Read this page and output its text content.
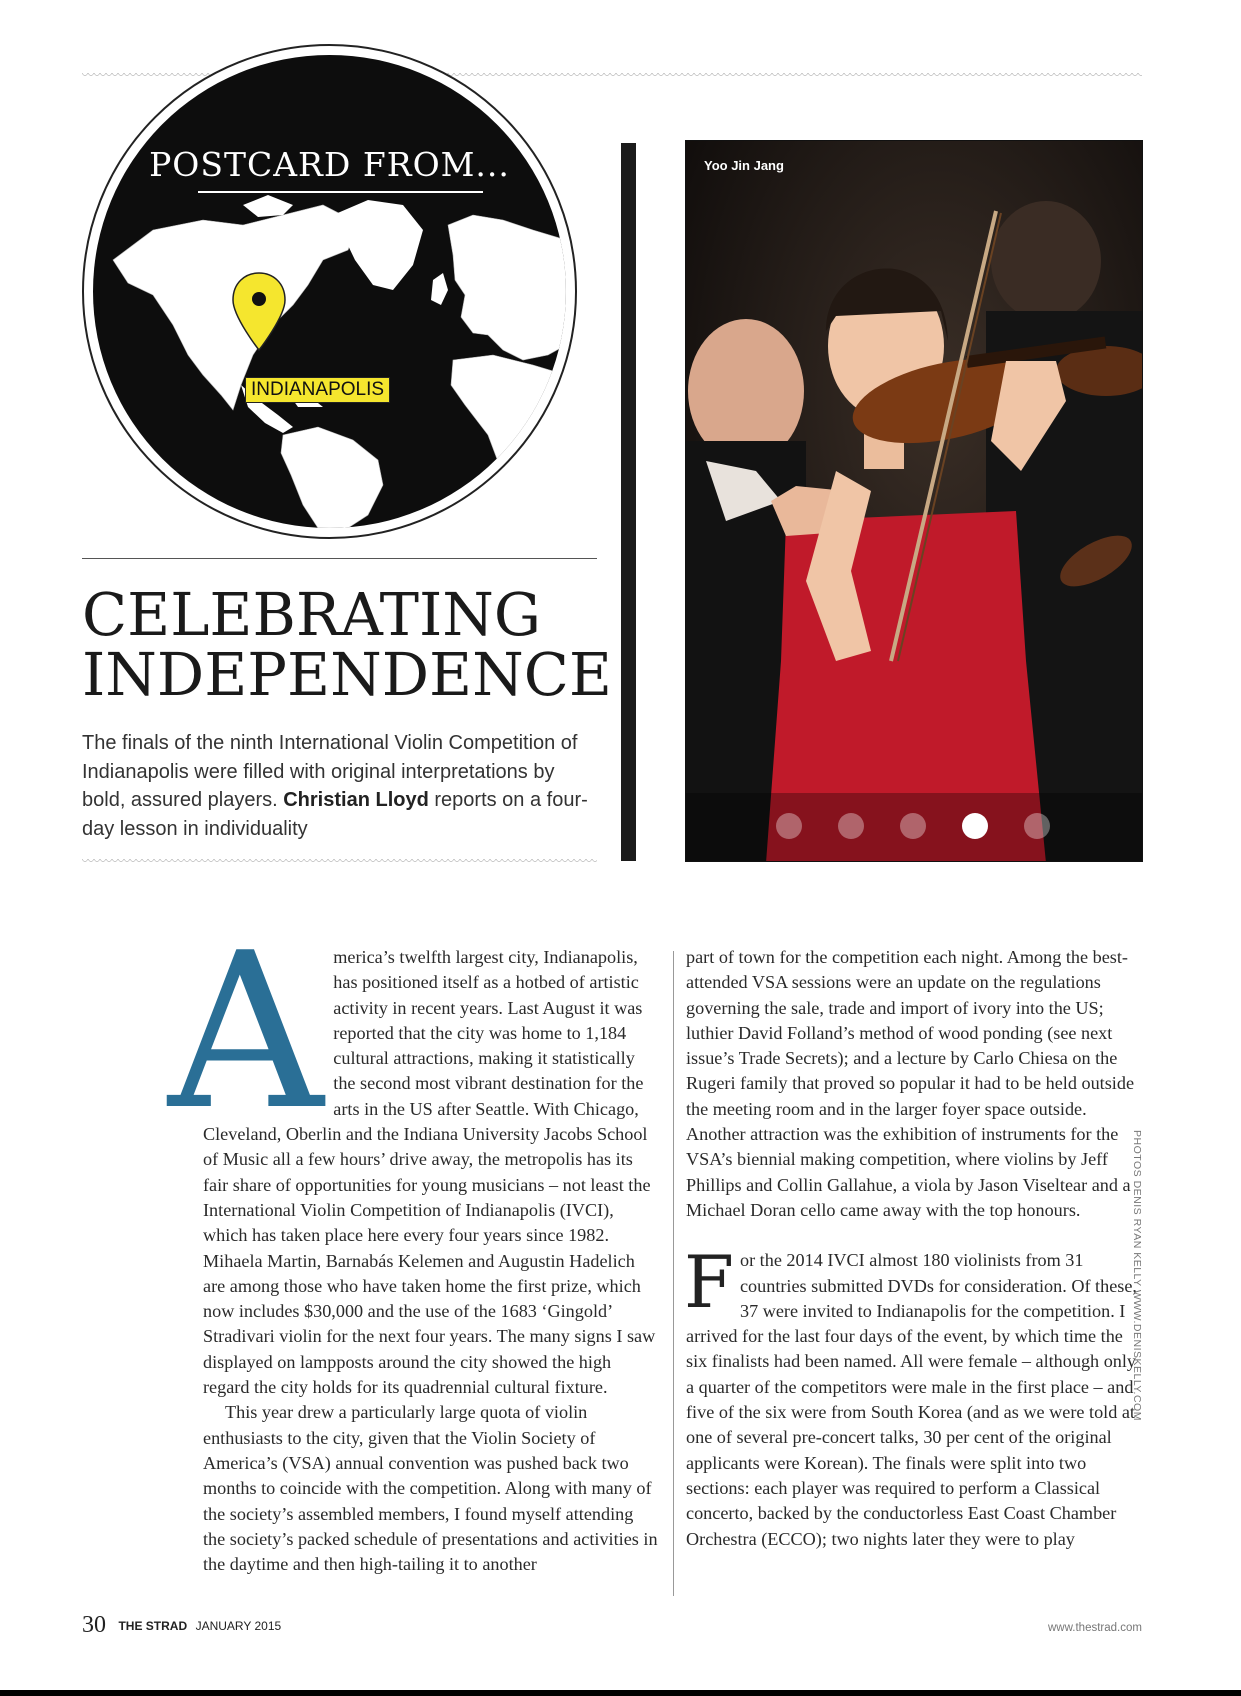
POSTCARD FROM...
INDIANAPOLIS
CELEBRATING
INDEPENDENCE

The finals of the ninth International Violin Competition of Indianapolis were filled with original interpretations by bold, assured players. Christian Lloyd reports on a four-day lesson in individuality

Yoo Jin Jang

America’s twelfth largest city, Indianapolis, has positioned itself as a hotbed of artistic activity in recent years. Last August it was reported that the city was home to 1,184 cultural attractions, making it statistically the second most vibrant destination for the arts in the US after Seattle. With Chicago, Cleveland, Oberlin and the Indiana University Jacobs School of Music all a few hours’ drive away, the metropolis has its fair share of opportunities for young musicians – not least the International Violin Competition of Indianapolis (IVCI), which has taken place here every four years since 1982. Mihaela Martin, Barnabás Kelemen and Augustin Hadelich are among those who have taken home the first prize, which now includes $30,000 and the use of the 1683 ‘Gingold’ Stradivari violin for the next four years. The many signs I saw displayed on lampposts around the city showed the high regard the city holds for its quadrennial cultural fixture.

This year drew a particularly large quota of violin enthusiasts to the city, given that the Violin Society of America’s (VSA) annual convention was pushed back two months to coincide with the competition. Along with many of the society’s assembled members, I found myself attending the society’s packed schedule of presentations and activities in the daytime and then high-tailing it to another

part of town for the competition each night. Among the best-attended VSA sessions were an update on the regulations governing the sale, trade and import of ivory into the US; luthier David Folland’s method of wood ponding (see next issue’s Trade Secrets); and a lecture by Carlo Chiesa on the Rugeri family that proved so popular it had to be held outside the meeting room and in the larger foyer space outside. Another attraction was the exhibition of instruments for the VSA’s biennial making competition, where violins by Jeff Phillips and Collin Gallahue, a viola by Jason Viseltear and a Michael Doran cello came away with the top honours.

For the 2014 IVCI almost 180 violinists from 31 countries submitted DVDs for consideration. Of these, 37 were invited to Indianapolis for the competition. I arrived for the last four days of the event, by which time the six finalists had been named. All were female – although only a quarter of the competitors were male in the first place – and five of the six were from South Korea (and as we were told at one of several pre-concert talks, 30 per cent of the original applicants were Korean). The finals were split into two sections: each player was required to perform a Classical concerto, backed by the conductorless East Coast Chamber Orchestra (ECCO); two nights later they were to play

PHOTOS DENIS RYAN KELLY WWW.DENISKELLY.COM
30 THE STRAD JANUARY 2015	www.thestrad.com
